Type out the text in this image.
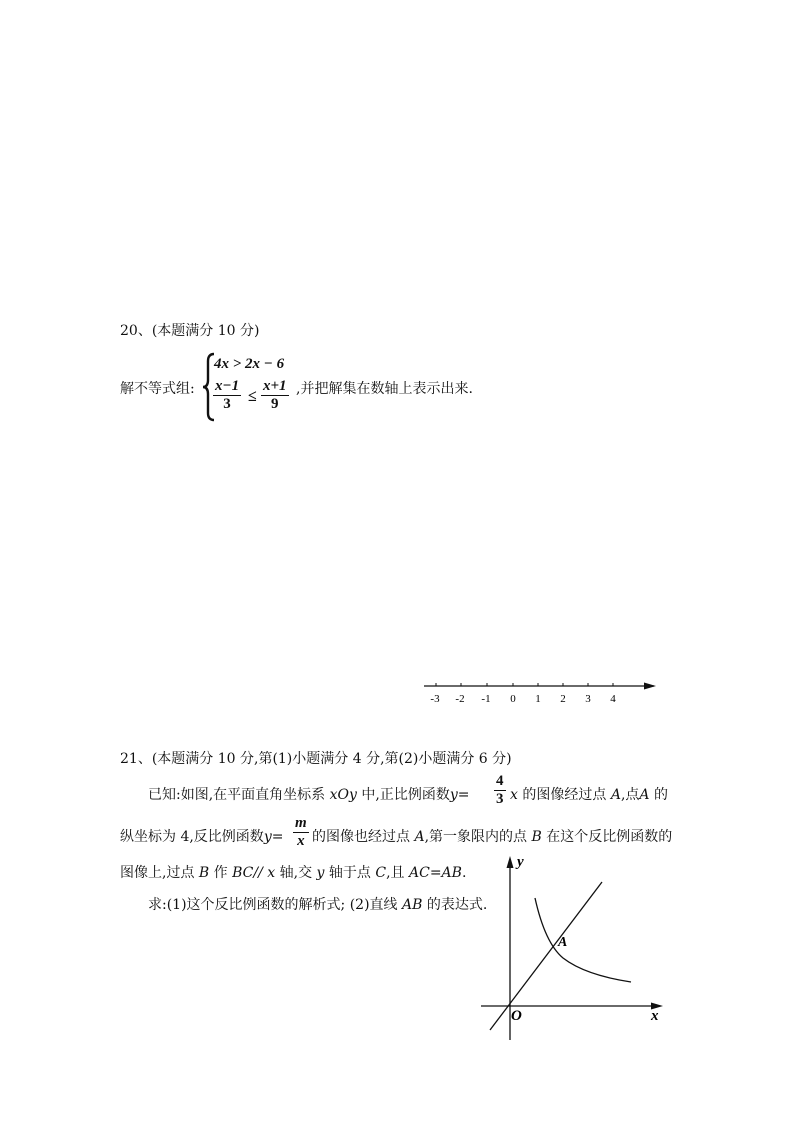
20、(本题满分 10 分)
解不等式组:
4x > 2x − 6
$\frac{x-1}{3} \le \frac{x+1}{9}$ ,并把解集在数轴上表示出来.
-3 -2 -1 0 1 2 3 4
21、(本题满分 10 分,第(1)小题满分 4 分,第(2)小题满分 6 分)
已知:如图,在平面直角坐标系 xOy 中,正比例函数$y= \frac{4}{3}$ x 的图像经过点 A,点A 的
纵坐标为 4,反比例函数$y= \frac{m}{x}$ 的图像也经过点 A,第一象限内的点 B 在这个反比例函数的
图像上,过点 B 作 BC// x 轴,交 y 轴于点 C,且 AC=AB.
求:(1)这个反比例函数的解析式; (2)直线 AB 的表达式.
y
x
O
A
